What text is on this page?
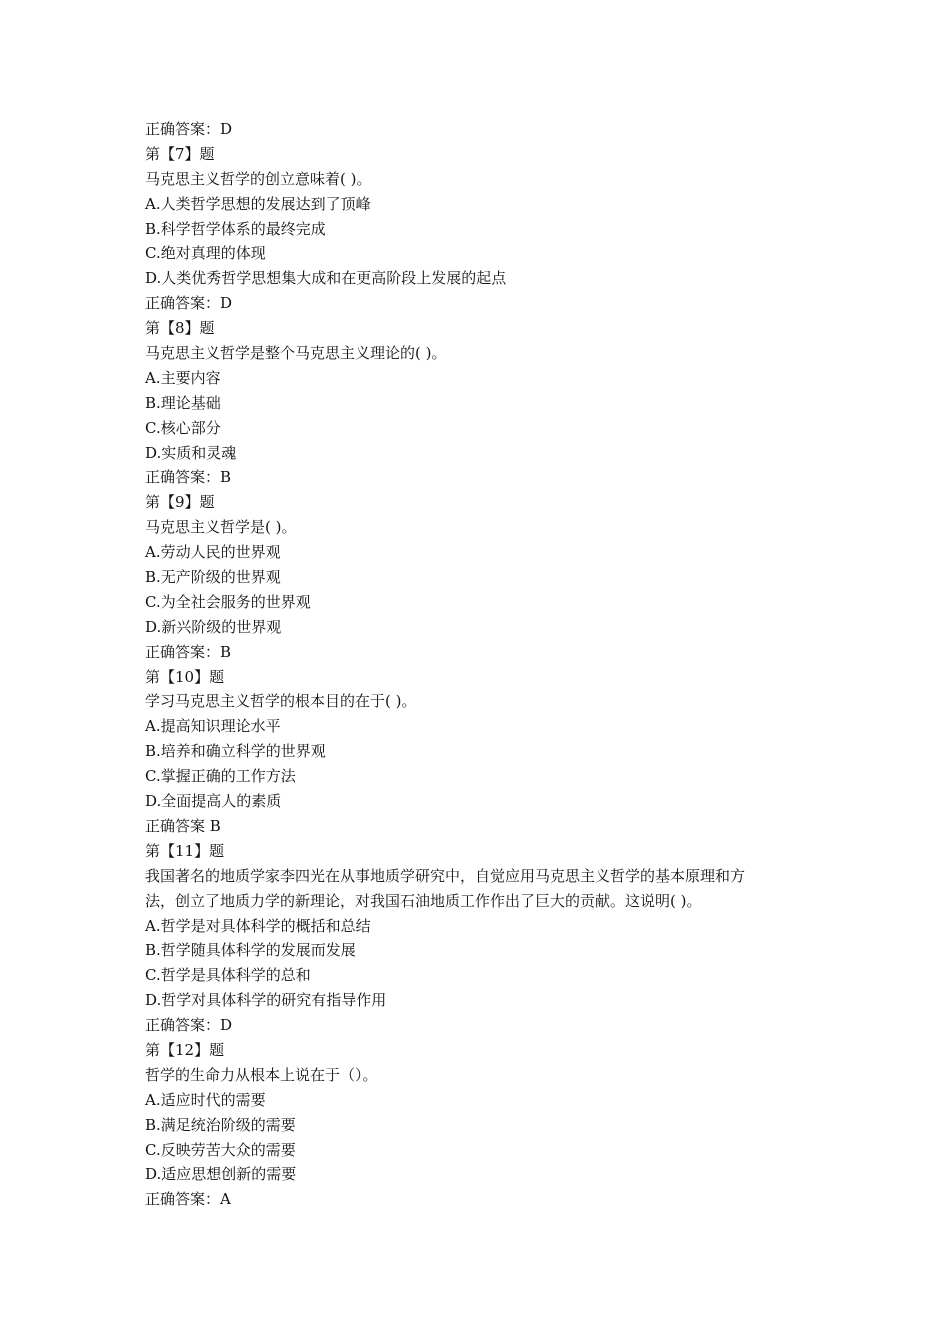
正确答案：D
第【7】题
马克思主义哲学的创立意味着( )。
A.人类哲学思想的发展达到了顶峰
B.科学哲学体系的最终完成
C.绝对真理的体现
D.人类优秀哲学思想集大成和在更高阶段上发展的起点
正确答案：D
第【8】题
马克思主义哲学是整个马克思主义理论的( )。
A.主要内容
B.理论基础
C.核心部分
D.实质和灵魂
正确答案：B
第【9】题
马克思主义哲学是( )。
A.劳动人民的世界观
B.无产阶级的世界观
C.为全社会服务的世界观
D.新兴阶级的世界观
正确答案：B
第【10】题
学习马克思主义哲学的根本目的在于( )。
A.提高知识理论水平
B.培养和确立科学的世界观
C.掌握正确的工作方法
D.全面提高人的素质
正确答案 B
第【11】题
我国著名的地质学家李四光在从事地质学研究中，自觉应用马克思主义哲学的基本原理和方
法，创立了地质力学的新理论，对我国石油地质工作作出了巨大的贡献。这说明( )。
A.哲学是对具体科学的概括和总结
B.哲学随具体科学的发展而发展
C.哲学是具体科学的总和
D.哲学对具体科学的研究有指导作用
正确答案：D
第【12】题
哲学的生命力从根本上说在于（）。
A.适应时代的需要
B.满足统治阶级的需要
C.反映劳苦大众的需要
D.适应思想创新的需要
正确答案：A
